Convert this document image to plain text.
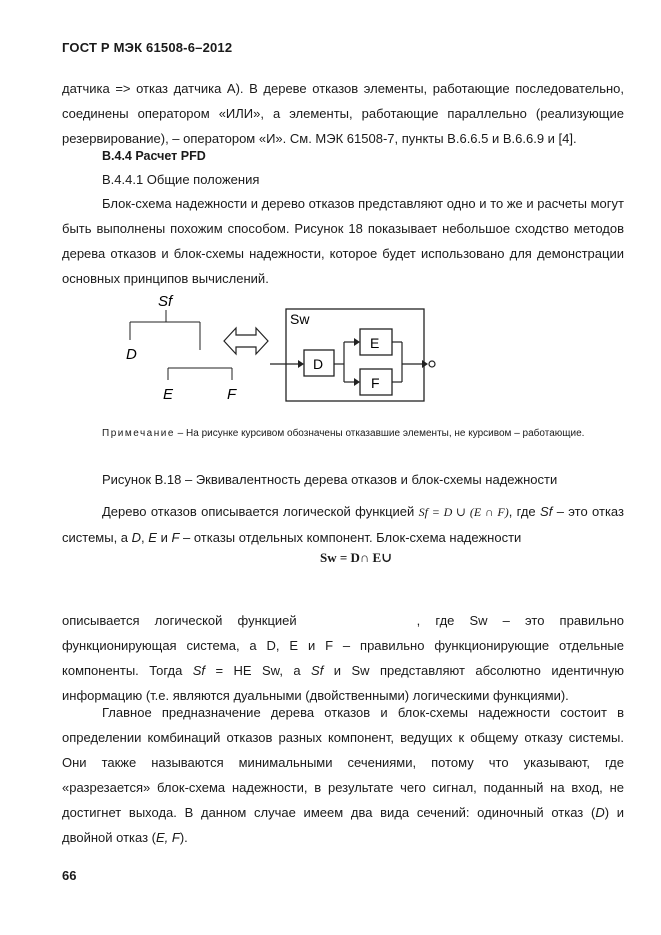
ГОСТ Р МЭК 61508-6–2012

датчика => отказ датчика A). В дереве отказов элементы, работающие последовательно, соединены оператором «ИЛИ», а элементы, работающие параллельно (реализующие резервирование), – оператором «И». См. МЭК 61508-7, пункты B.6.6.5 и B.6.6.9 и [4].

B.4.4 Расчет PFD
B.4.4.1 Общие положения

Блок-схема надежности и дерево отказов представляют одно и то же и расчеты могут быть выполнены похожим способом. Рисунок 18 показывает небольшое сходство методов дерева отказов и блок-схемы надежности, которое будет использовано для демонстрации основных принципов вычислений.

Sf
D
E	F
Sw
D
E
F
Примечание – На рисунке курсивом обозначены отказавшие элементы, не курсивом – работающие.
Рисунок B.18 – Эквивалентность дерева отказов и блок-схемы надежности

Дерево отказов описывается логической функцией Sf = D ∪ (E ∩ F), где Sf – это отказ системы, а D, E и F – отказы отдельных компонент. Блок-схема надежности

Sw = D∩ E∪

описывается логической функцией	, где Sw – это правильно функционирующая система, а D, E и F – правильно функционирующие отдельные компоненты. Тогда Sf = НЕ Sw, а Sf и Sw представляют абсолютно идентичную информацию (т.е. являются дуальными (двойственными) логическими функциями).

Главное предназначение дерева отказов и блок-схемы надежности состоит в определении комбинаций отказов разных компонент, ведущих к общему отказу системы. Они также называются минимальными сечениями, потому что указывают, где «разрезается» блок-схема надежности, в результате чего сигнал, поданный на вход, не достигнет выхода. В данном случае имеем два вида сечений: одиночный отказ (D) и двойной отказ (E, F).

66
